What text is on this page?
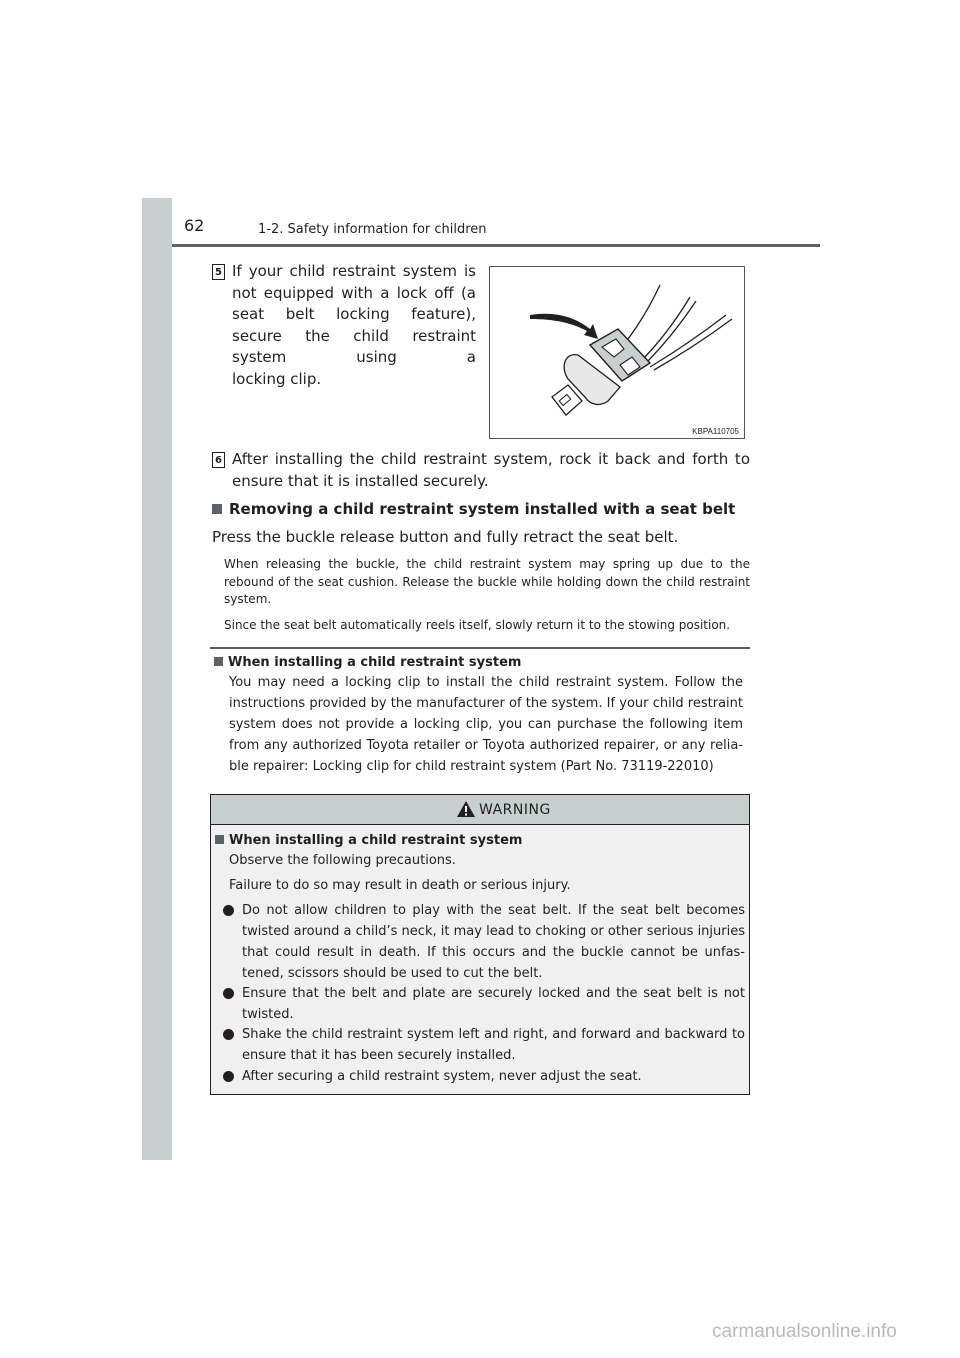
62	1-2. Safety information for children
5 If your child restraint system is not equipped with a lock off (a seat belt locking feature), secure the child restraint system using a
locking clip.
KBPA110705
6 After installing the child restraint system, rock it back and forth to ensure that it is installed securely.
Removing a child restraint system installed with a seat belt
Press the buckle release button and fully retract the seat belt.
When releasing the buckle, the child restraint system may spring up due to the rebound of the seat cushion. Release the buckle while holding down the child restraint system.
Since the seat belt automatically reels itself, slowly return it to the stowing position.
When installing a child restraint system
You may need a locking clip to install the child restraint system. Follow the instructions provided by the manufacturer of the system. If your child restraint system does not provide a locking clip, you can purchase the following item from any authorized Toyota retailer or Toyota authorized repairer, or any relia-ble repairer: Locking clip for child restraint system (Part No. 73119-22010)
WARNING
When installing a child restraint system
Observe the following precautions.
Failure to do so may result in death or serious injury.
Do not allow children to play with the seat belt. If the seat belt becomes twisted around a child’s neck, it may lead to choking or other serious injuries that could result in death. If this occurs and the buckle cannot be unfas-tened, scissors should be used to cut the belt.
Ensure that the belt and plate are securely locked and the seat belt is not twisted.
Shake the child restraint system left and right, and forward and backward to ensure that it has been securely installed.
After securing a child restraint system, never adjust the seat.
carmanualsonline.info
